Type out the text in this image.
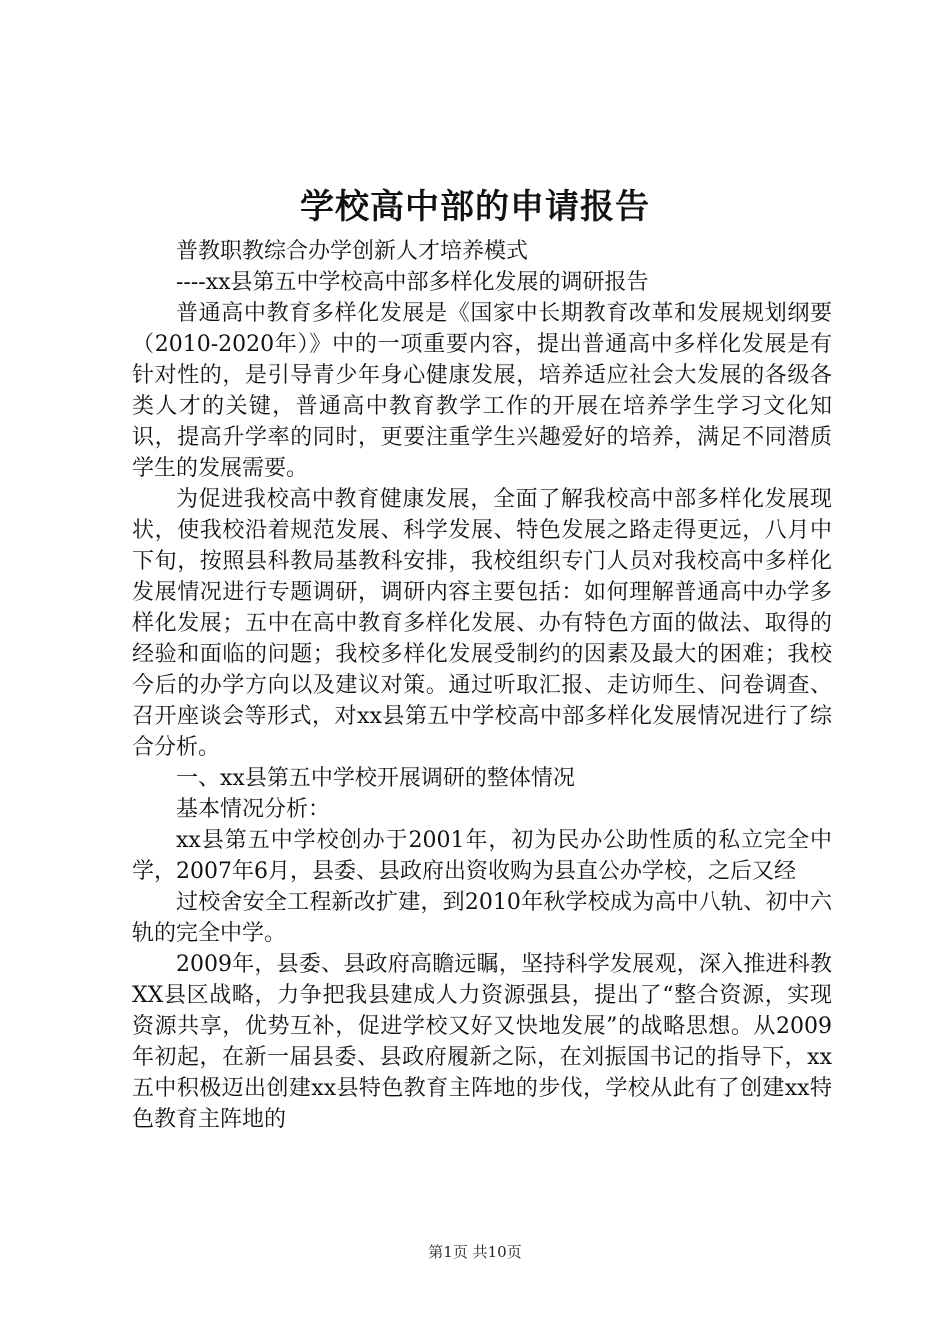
学校高中部的申请报告

普教职教综合办学创新人才培养模式

----xx县第五中学校高中部多样化发展的调研报告

普通高中教育多样化发展是《国家中长期教育改革和发展规划纲要（2010-2020年）》中的一项重要内容，提出普通高中多样化发展是有针对性的，是引导青少年身心健康发展，培养适应社会大发展的各级各类人才的关键，普通高中教育教学工作的开展在培养学生学习文化知识，提高升学率的同时，更要注重学生兴趣爱好的培养，满足不同潜质学生的发展需要。

为促进我校高中教育健康发展，全面了解我校高中部多样化发展现状，使我校沿着规范发展、科学发展、特色发展之路走得更远，八月中下旬，按照县科教局基教科安排，我校组织专门人员对我校高中多样化发展情况进行专题调研，调研内容主要包括：如何理解普通高中办学多样化发展；五中在高中教育多样化发展、办有特色方面的做法、取得的经验和面临的问题；我校多样化发展受制约的因素及最大的困难；我校今后的办学方向以及建议对策。通过听取汇报、走访师生、问卷调查、召开座谈会等形式，对xx县第五中学校高中部多样化发展情况进行了综合分析。

一、xx县第五中学校开展调研的整体情况

基本情况分析：

xx县第五中学校创办于2001年，初为民办公助性质的私立完全中学，2007年6月，县委、县政府出资收购为县直公办学校，之后又经

过校舍安全工程新改扩建，到2010年秋学校成为高中八轨、初中六轨的完全中学。

2009年，县委、县政府高瞻远瞩，坚持科学发展观，深入推进科教XX县区战略，力争把我县建成人力资源强县，提出了“整合资源，实现资源共享，优势互补，促进学校又好又快地发展”的战略思想。从2009年初起，在新一届县委、县政府履新之际，在刘振国书记的指导下，xx五中积极迈出创建xx县特色教育主阵地的步伐，学校从此有了创建xx特色教育主阵地的

第1页 共10页
